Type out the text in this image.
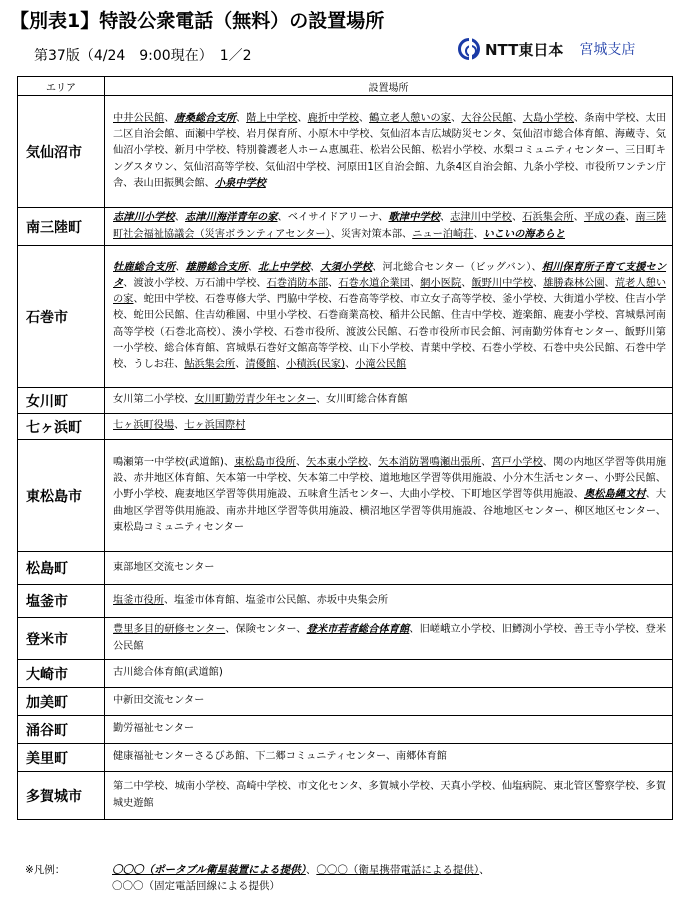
【別表1】特設公衆電話（無料）の設置場所
第37版（4/24　9:00現在）　1／2	NTT東日本 宮城支店
エリア	設置場所
気仙沼市	中井公民館、唐桑総合支所、階上中学校、鹿折中学校、鶴立老人憩いの家、大谷公民館、大島小学校、条南中学校、太田二区自治会館、面瀬中学校、岩月保育所、小原木中学校、気仙沼本吉広域防災センタ、気仙沼市総合体育館、海蔵寺、気仙沼小学校、新月中学校、特別養護老人ホーム恵風荘、松岩公民館、松岩小学校、水梨コミュニティセンター、三日町キングスタウン、気仙沼高等学校、気仙沼中学校、河原田1区自治会館、九条4区自治会館、九条小学校、市役所ワンテン庁舎、表山田振興会館、小泉中学校
南三陸町	志津川小学校、志津川海洋青年の家、ベイサイドアリーナ、歌津中学校、志津川中学校、石浜集会所、平成の森、南三陸町社会福祉協議会（災害ボランティアセンター）、災害対策本部、ニュー泊崎荘、いこいの海あらと
石巻市	牡鹿総合支所、雄勝総合支所、北上中学校、大須小学校、河北総合センター（ビッグバン）、相川保育所子育て支援センタ、渡波小学校、万石浦中学校、石巻消防本部、石巻水道企業団、網小医院、飯野川中学校、雄勝森林公園、荒老人憩いの家、蛇田中学校、石巻専修大学、門脇中学校、石巻高等学校、市立女子高等学校、釜小学校、大街道小学校、住吉小学校、蛇田公民館、住吉幼稚園、中里小学校、石巻商業高校、稲井公民館、住吉中学校、遊楽館、鹿妻小学校、宮城県河南高等学校（石巻北高校）、湊小学校、石巻市役所、渡波公民館、石巻市役所市民会館、河南勤労体育センター、飯野川第一小学校、総合体育館、宮城県石巻好文館高等学校、山下小学校、青葉中学校、石巻小学校、石巻中央公民館、石巻中学校、うしお荘、鮎浜集会所、清優館、小積浜(民家)、小滝公民館
女川町	女川第二小学校、女川町勤労青少年センター、女川町総合体育館
七ヶ浜町	七ヶ浜町役場、七ヶ浜国際村
東松島市	鳴瀬第一中学校(武道館)、東松島市役所、矢本東小学校、矢本消防署鳴瀬出張所、宮戸小学校、関の内地区学習等供用施設、赤井地区体育館、矢本第一中学校、矢本第二中学校、道地地区学習等供用施設、小分木生活センター、小野公民館、小野小学校、鹿妻地区学習等供用施設、五味倉生活センター、大曲小学校、下町地区学習等供用施設、奥松島縄文村、大曲地区学習等供用施設、南赤井地区学習等供用施設、横沼地区学習等供用施設、谷地地区センター、柳区地区センター、東松島コミュニティセンター
松島町	東部地区交流センター
塩釜市	塩釜市役所、塩釜市体育館、塩釜市公民館、赤坂中央集会所
登米市	豊里多目的研修センター、保険センター、登米市若者総合体育館、旧嵯峨立小学校、旧鱒渕小学校、善王寺小学校、登米公民館
大崎市	古川総合体育館(武道館)
加美町	中新田交流センター
涌谷町	勤労福祉センター
美里町	健康福祉センターさるびあ館、下二郷コミュニティセンター、南郷体育館
多賀城市	第二中学校、城南小学校、高崎中学校、市文化センタ、多賀城小学校、天真小学校、仙塩病院、東北管区警察学校、多賀城史遊館
※凡例：	〇〇〇（ポータブル衛星装置による提供）、〇〇〇（衛星携帯電話による提供）、
〇〇〇（固定電話回線による提供）
